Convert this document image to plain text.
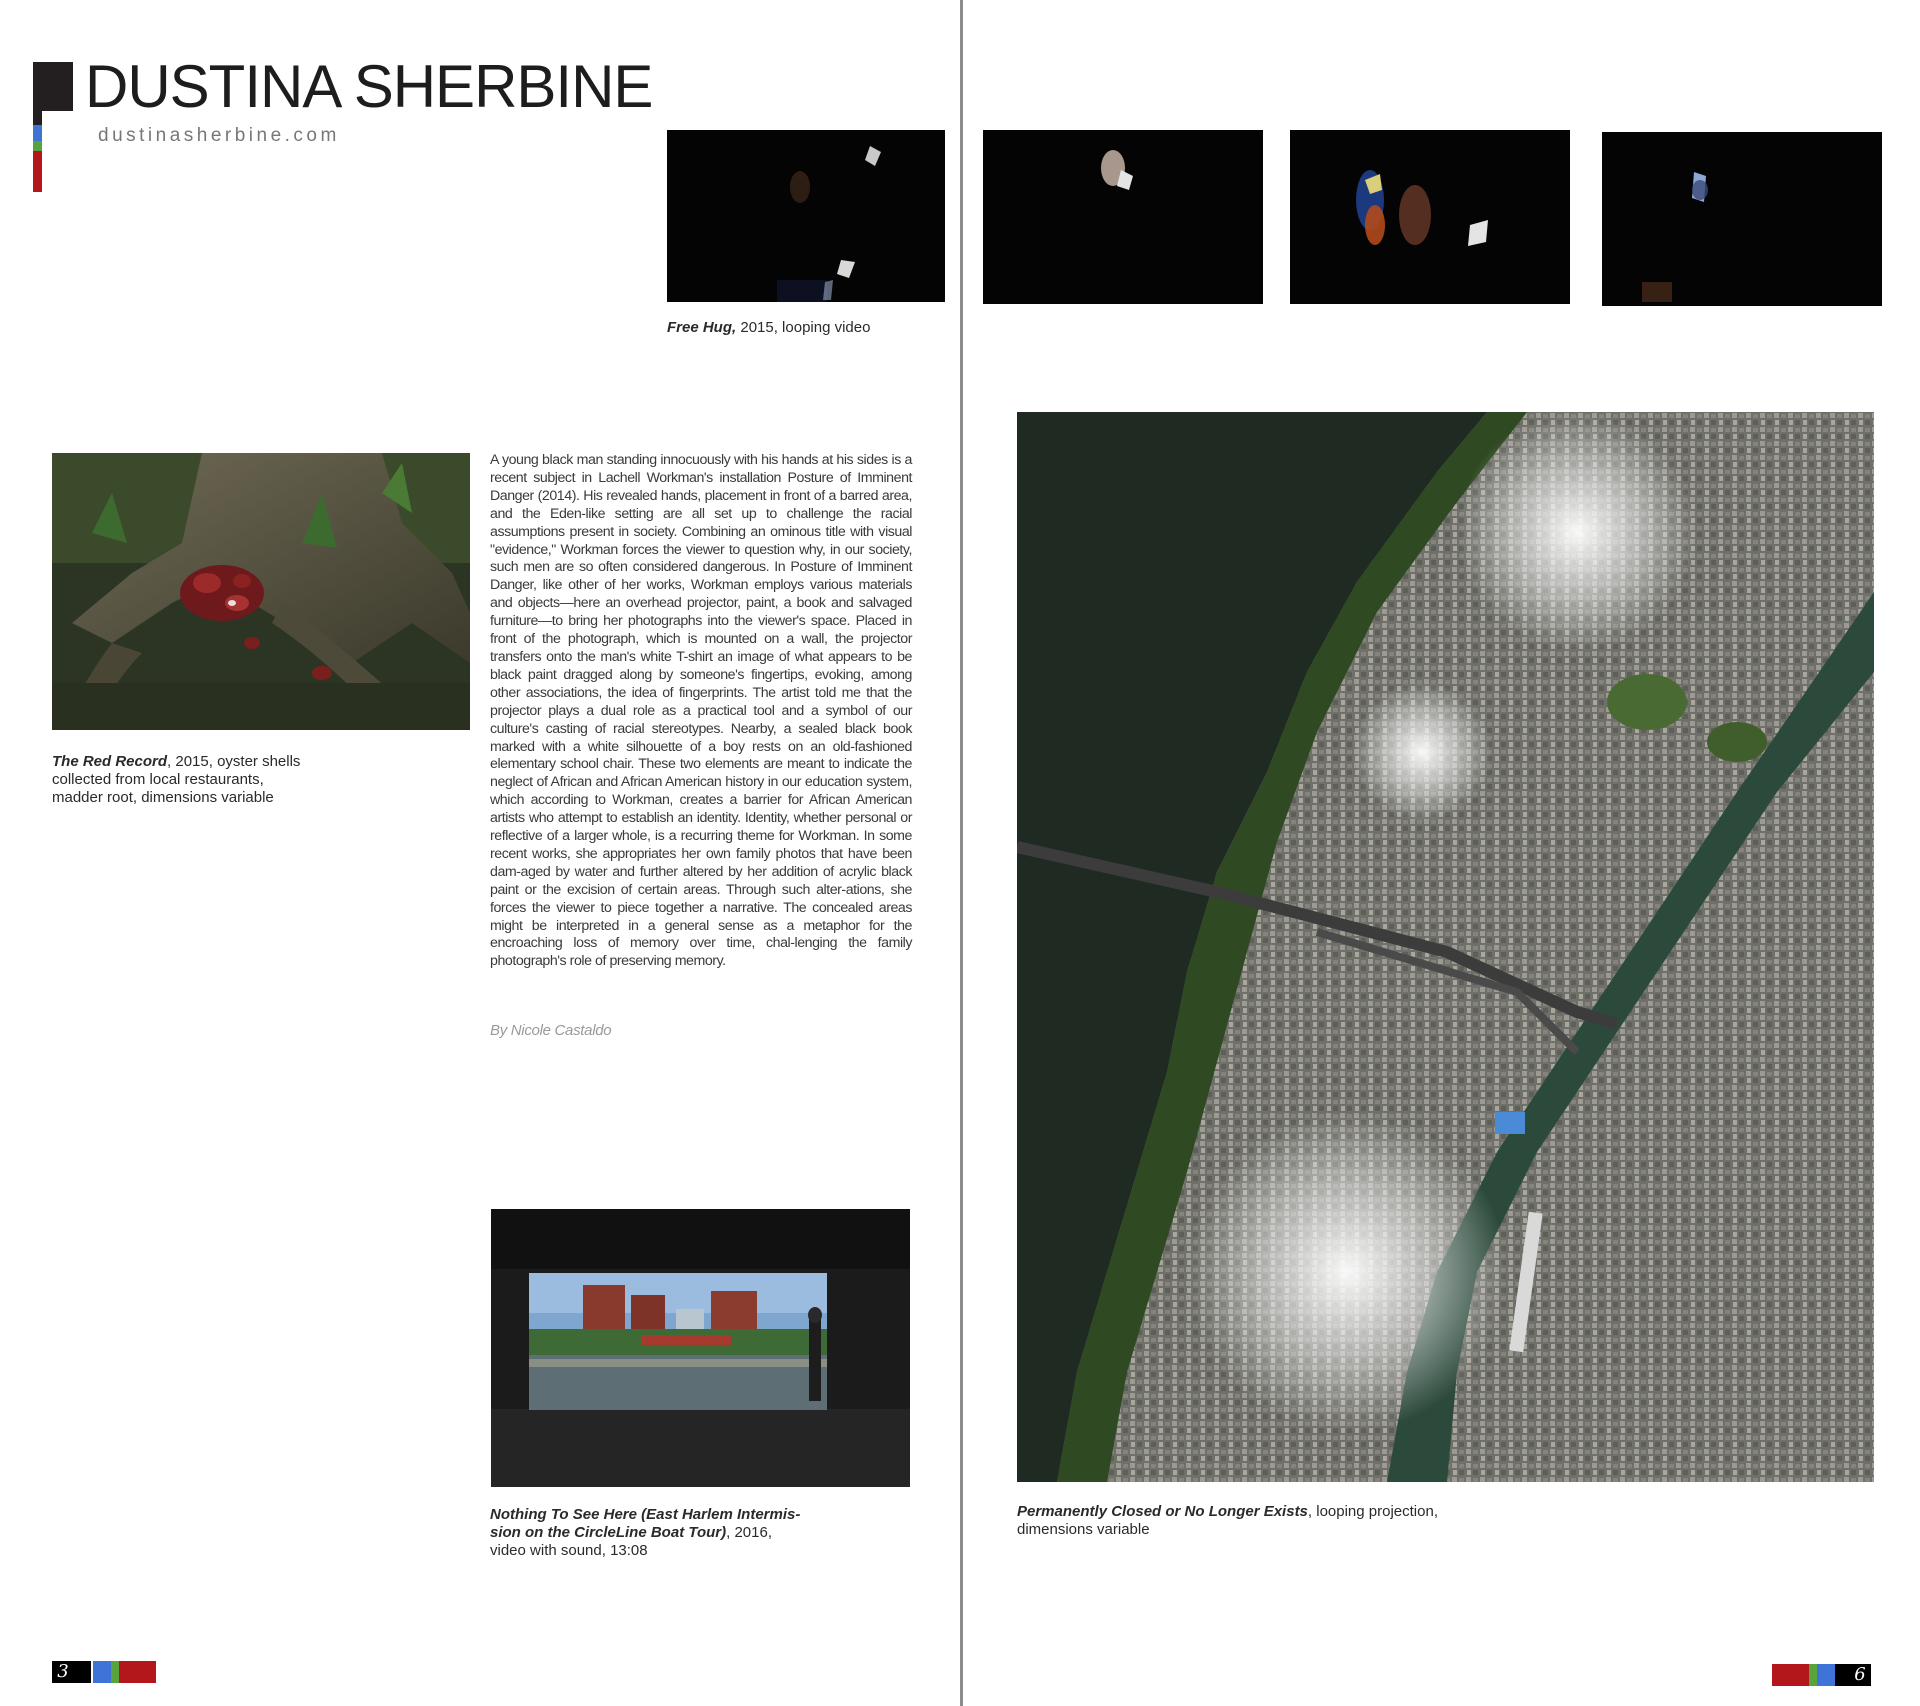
DUSTINA SHERBINE
dustinasherbine.com
Free Hug, 2015, looping video
The Red Record, 2015, oyster shells collected from local restaurants, madder root, dimensions variable
A young black man standing innocuously with his hands at his sides is a recent subject in Lachell Workman's installation Posture of Imminent Danger (2014). His revealed hands, placement in front of a barred area, and the Eden-like setting are all set up to challenge the racial assumptions present in society. Combining an ominous title with visual "evidence," Workman forces the viewer to question why, in our society, such men are so often considered dangerous. In Posture of Imminent Danger, like other of her works, Workman employs various materials and objects—here an overhead projector, paint, a book and salvaged furniture—to bring her photographs into the viewer's space. Placed in front of the photograph, which is mounted on a wall, the projector transfers onto the man's white T-shirt an image of what appears to be black paint dragged along by someone's fingertips, evoking, among other associations, the idea of fingerprints. The artist told me that the projector plays a dual role as a practical tool and a symbol of our culture's casting of racial stereotypes. Nearby, a sealed black book marked with a white silhouette of a boy rests on an old-fashioned elementary school chair. These two elements are meant to indicate the neglect of African and African American history in our education system, which according to Workman, creates a barrier for African American artists who attempt to establish an identity. Identity, whether personal or reflective of a larger whole, is a recurring theme for Workman. In some recent works, she appropriates her own family photos that have been dam-aged by water and further altered by her addition of acrylic black paint or the excision of certain areas. Through such alter-ations, she forces the viewer to piece together a narrative. The concealed areas might be interpreted in a general sense as a metaphor for the encroaching loss of memory over time, chal-lenging the family photograph's role of preserving memory.
By Nicole Castaldo
Nothing To See Here (East Harlem Intermis-sion on the CircleLine Boat Tour), 2016, video with sound, 13:08
3
Permanently Closed or No Longer Exists, looping projection, dimensions variable
6
